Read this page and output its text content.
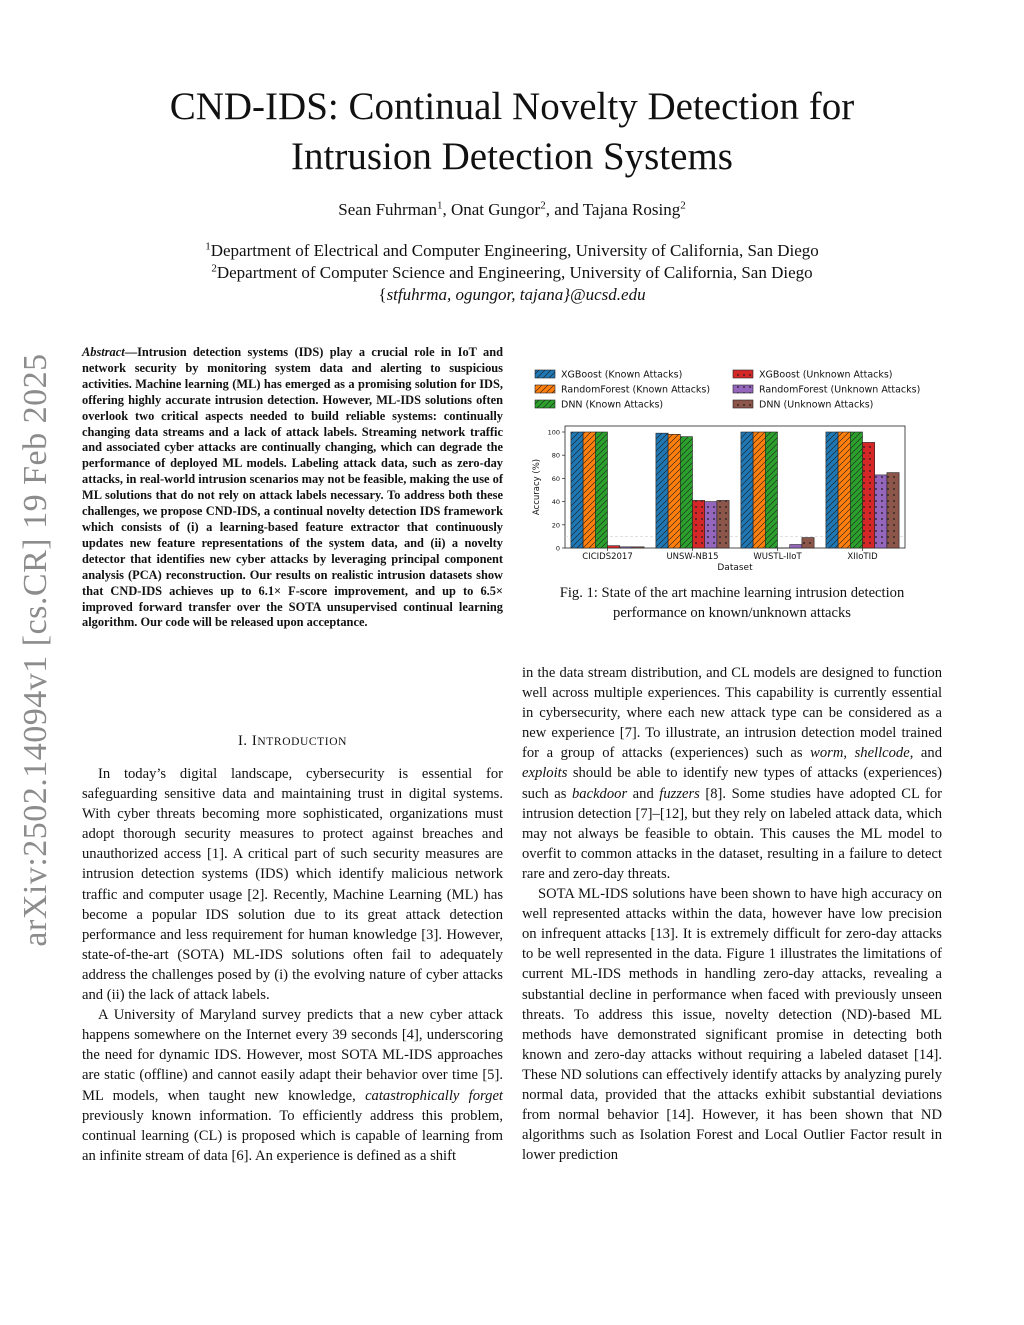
arXiv:2502.14094v1 [cs.CR] 19 Feb 2025
CND-IDS: Continual Novelty Detection for
Intrusion Detection Systems
Sean Fuhrman$^1$, Onat Gungor$^2$, and Tajana Rosing$^2$
$^1$Department of Electrical and Computer Engineering, University of California, San Diego
$^2$Department of Computer Science and Engineering, University of California, San Diego
{stfuhrma, ogungor, tajana}@ucsd.edu
Abstract—Intrusion detection systems (IDS) play a crucial role in IoT and network security by monitoring system data and alerting to suspicious activities. Machine learning (ML) has emerged as a promising solution for IDS, offering highly accurate intrusion detection. However, ML-IDS solutions often overlook two critical aspects needed to build reliable systems: continually changing data streams and a lack of attack labels. Streaming network traffic and associated cyber attacks are continually changing, which can degrade the performance of deployed ML models. Labeling attack data, such as zero-day attacks, in real-world intrusion scenarios may not be feasible, making the use of ML solutions that do not rely on attack labels necessary. To address both these challenges, we propose CND-IDS, a continual novelty detection IDS framework which consists of (i) a learning-based feature extractor that continuously updates new feature representations of the system data, and (ii) a novelty detector that identifies new cyber attacks by leveraging principal component analysis (PCA) reconstruction. Our results on realistic intrusion datasets show that CND-IDS achieves up to 6.1× F-score improvement, and up to 6.5× improved forward transfer over the SOTA unsupervised continual learning algorithm. Our code will be released upon acceptance.
I. INTRODUCTION

In today’s digital landscape, cybersecurity is essential for safeguarding sensitive data and maintaining trust in digital systems. With cyber threats becoming more sophisticated, organizations must adopt thorough security measures to protect against breaches and unauthorized access [1]. A critical part of such security measures are intrusion detection systems (IDS) which identify malicious network traffic and computer usage [2]. Recently, Machine Learning (ML) has become a popular IDS solution due to its great attack detection performance and less requirement for human knowledge [3]. However, state-of-the-art (SOTA) ML-IDS solutions often fail to adequately address the challenges posed by (i) the evolving nature of cyber attacks and (ii) the lack of attack labels.

A University of Maryland survey predicts that a new cyber attack happens somewhere on the Internet every 39 seconds [4], underscoring the need for dynamic IDS. However, most SOTA ML-IDS approaches are static (offline) and cannot easily adapt their behavior over time [5]. ML models, when taught new knowledge, catastrophically forget previously known information. To efficiently address this problem, continual learning (CL) is proposed which is capable of learning from an infinite stream of data [6]. An experience is defined as a shift

XGBoost (Known Attacks)
RandomForest (Known Attacks)
DNN (Known Attacks)
XGBoost (Unknown Attacks)
RandomForest (Unknown Attacks)
DNN (Unknown Attacks)
0
20
40
60
80
100
Accuracy (%)
CICIDS2017	UNSW-NB15	WUSTL-IIoT	XIIoTID
Dataset
Fig. 1: State of the art machine learning intrusion detection performance on known/unknown attacks

in the data stream distribution, and CL models are designed to function well across multiple experiences. This capability is currently essential in cybersecurity, where each new attack type can be considered as a new experience [7]. To illustrate, an intrusion detection model trained for a group of attacks (experiences) such as worm, shellcode, and exploits should be able to identify new types of attacks (experiences) such as backdoor and fuzzers [8]. Some studies have adopted CL for intrusion detection [7]–[12], but they rely on labeled attack data, which may not always be feasible to obtain. This causes the ML model to overfit to common attacks in the dataset, resulting in a failure to detect rare and zero-day threats.

SOTA ML-IDS solutions have been shown to have high accuracy on well represented attacks within the data, however have low precision on infrequent attacks [13]. It is extremely difficult for zero-day attacks to be well represented in the data. Figure 1 illustrates the limitations of current ML-IDS methods in handling zero-day attacks, revealing a substantial decline in performance when faced with previously unseen threats. To address this issue, novelty detection (ND)-based ML methods have demonstrated significant promise in detecting both known and zero-day attacks without requiring a labeled dataset [14]. These ND solutions can effectively identify attacks by analyzing purely normal data, provided that the attacks exhibit substantial deviations from normal behavior [14]. However, it has been shown that ND algorithms such as Isolation Forest and Local Outlier Factor result in lower prediction
